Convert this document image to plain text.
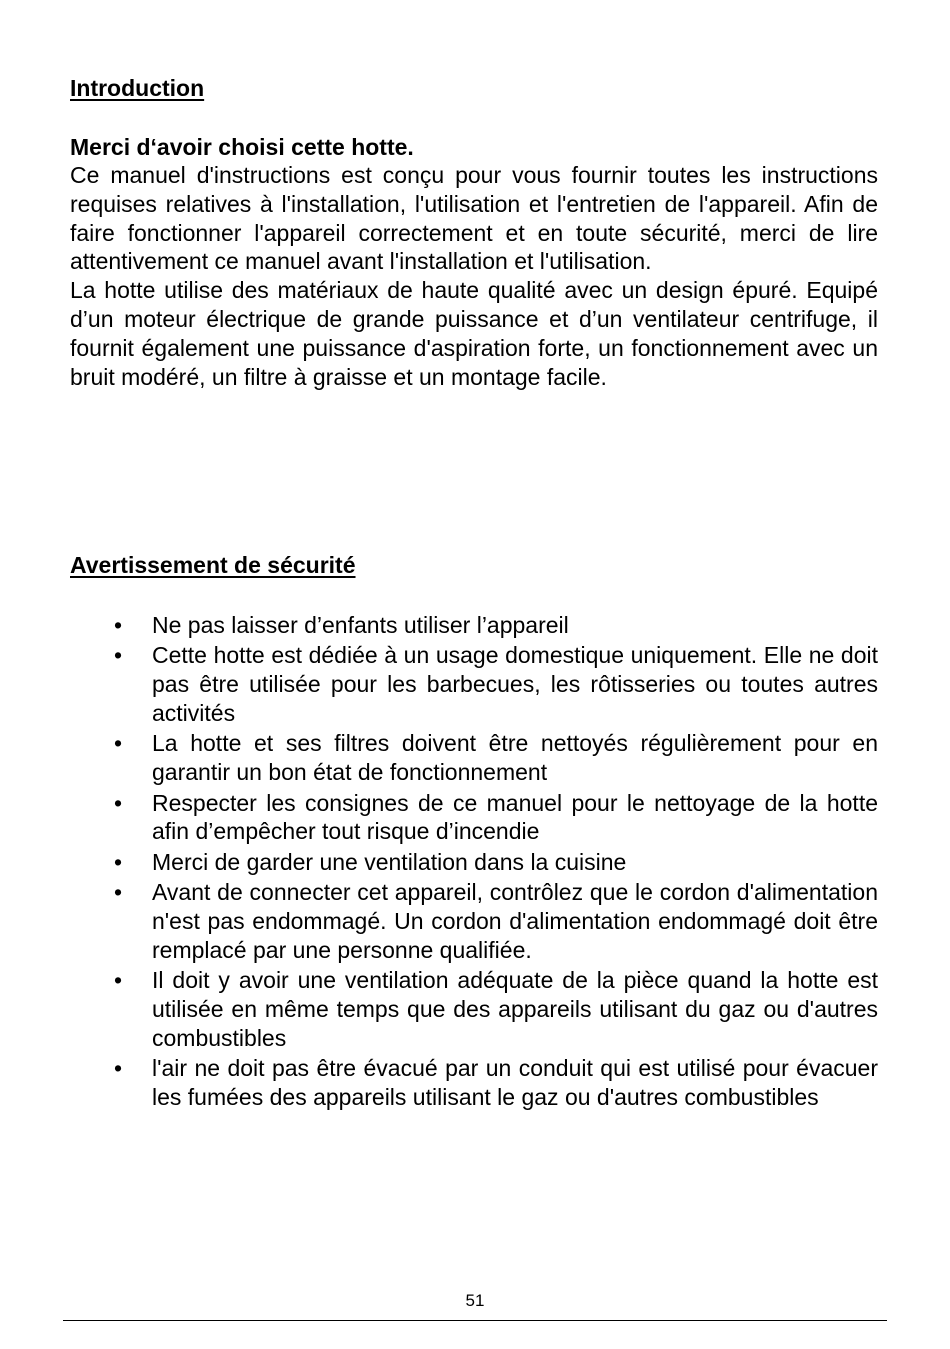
Introduction

Merci d‘avoir choisi cette hotte.

Ce manuel d'instructions est conçu pour vous fournir toutes les instructions requises relatives à l'installation, l'utilisation et l'entretien de l'appareil. Afin de faire fonctionner l'appareil correctement et en toute sécurité, merci de lire attentivement ce manuel avant l'installation et l'utilisation.

La hotte utilise des matériaux de haute qualité avec un design épuré. Equipé d’un moteur électrique de grande puissance et d’un ventilateur centrifuge, il fournit également une puissance d'aspiration forte, un fonctionnement avec un bruit modéré, un filtre à graisse et un montage facile.

Avertissement de sécurité
• Ne pas laisser d’enfants utiliser l’appareil
• Cette hotte est dédiée à un usage domestique uniquement. Elle ne doit pas être utilisée pour les barbecues, les rôtisseries ou toutes autres activités
• La hotte et ses filtres doivent être nettoyés régulièrement pour en garantir un bon état de fonctionnement
• Respecter les consignes de ce manuel pour le nettoyage de la hotte afin d’empêcher tout risque d’incendie
• Merci de garder une ventilation dans la cuisine
• Avant de connecter cet appareil, contrôlez que le cordon d'alimentation n'est pas endommagé. Un cordon d'alimentation endommagé doit être remplacé par une personne qualifiée.
• Il doit y avoir une ventilation adéquate de la pièce quand la hotte est utilisée en même temps que des appareils utilisant du gaz ou d'autres combustibles
• l'air ne doit pas être évacué par un conduit qui est utilisé pour évacuer les fumées des appareils utilisant le gaz ou d'autres combustibles

51
